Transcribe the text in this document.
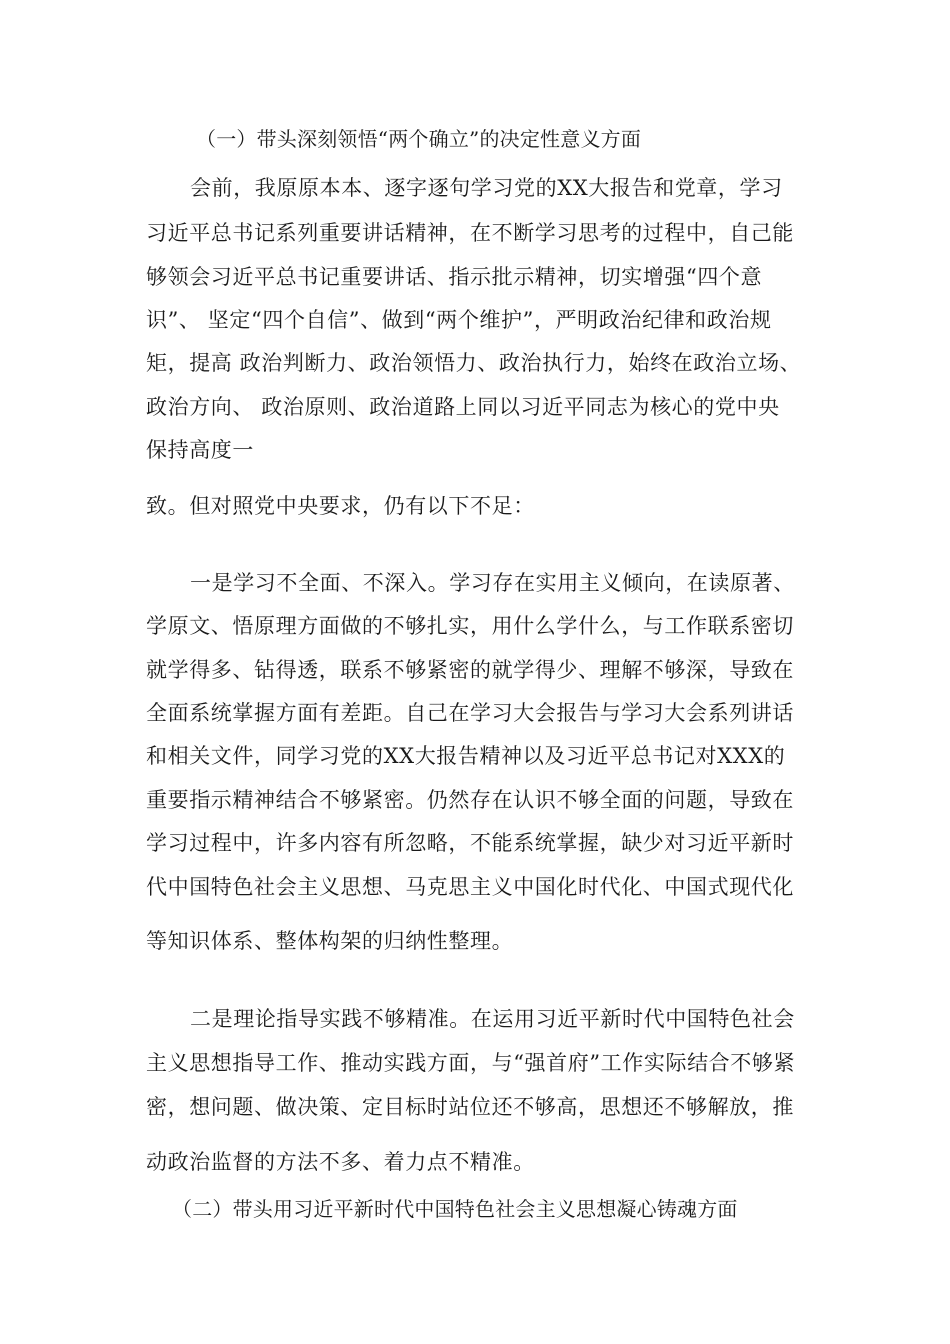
（一）带头深刻领悟“两个确立”的决定性意义方面
会前，我原原本本、逐字逐句学习党的XX大报告和党章，学习
习近平总书记系列重要讲话精神，在不断学习思考的过程中，自己能
够领会习近平总书记重要讲话、指示批示精神，切实增强“四个意
识”、 坚定“四个自信”、做到“两个维护”，严明政治纪律和政治规
矩，提高 政治判断力、政治领悟力、政治执行力，始终在政治立场、
政治方向、 政治原则、政治道路上同以习近平同志为核心的党中央
保持高度一
致。但对照党中央要求，仍有以下不足：
一是学习不全面、不深入。学习存在实用主义倾向，在读原著、
学原文、悟原理方面做的不够扎实，用什么学什么，与工作联系密切
就学得多、钻得透，联系不够紧密的就学得少、理解不够深，导致在
全面系统掌握方面有差距。自己在学习大会报告与学习大会系列讲话
和相关文件，同学习党的XX大报告精神以及习近平总书记对XXX的
重要指示精神结合不够紧密。仍然存在认识不够全面的问题，导致在
学习过程中，许多内容有所忽略，不能系统掌握，缺少对习近平新时
代中国特色社会主义思想、马克思主义中国化时代化、中国式现代化
等知识体系、整体构架的归纳性整理。
二是理论指导实践不够精准。在运用习近平新时代中国特色社会
主义思想指导工作、推动实践方面，与“强首府”工作实际结合不够紧
密，想问题、做决策、定目标时站位还不够高，思想还不够解放，推
动政治监督的方法不多、着力点不精准。
（二）带头用习近平新时代中国特色社会主义思想凝心铸魂方面
